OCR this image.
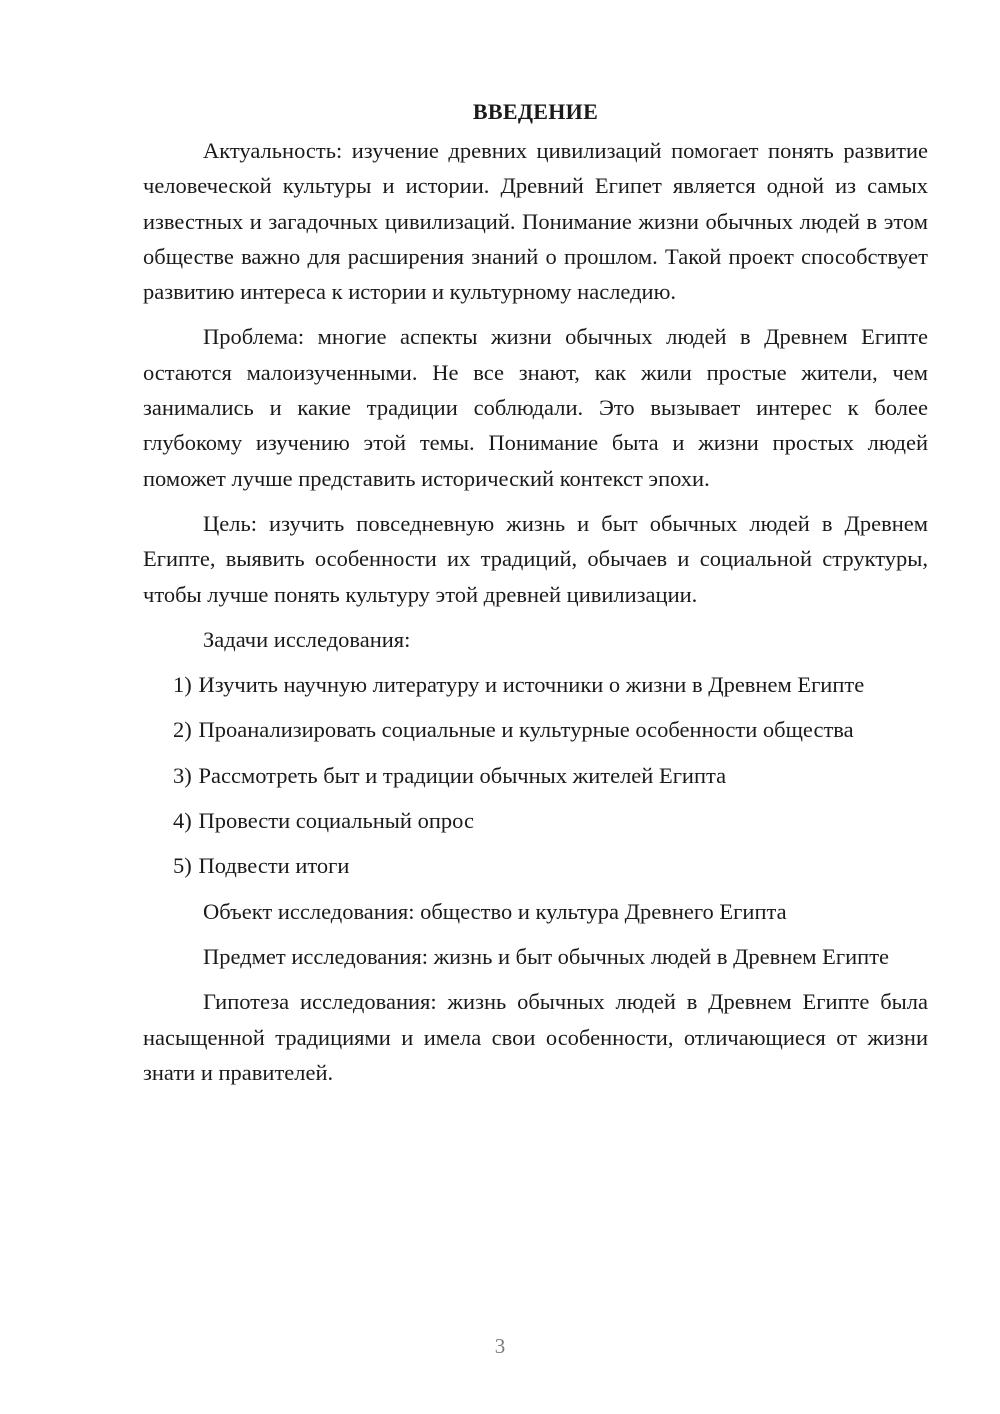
ВВЕДЕНИЕ

Актуальность: изучение древних цивилизаций помогает понять развитие человеческой культуры и истории. Древний Египет является одной из самых известных и загадочных цивилизаций. Понимание жизни обычных людей в этом обществе важно для расширения знаний о прошлом. Такой проект способствует развитию интереса к истории и культурному наследию.

Проблема: многие аспекты жизни обычных людей в Древнем Египте остаются малоизученными. Не все знают, как жили простые жители, чем занимались и какие традиции соблюдали. Это вызывает интерес к более глубокому изучению этой темы. Понимание быта и жизни простых людей поможет лучше представить исторический контекст эпохи.

Цель: изучить повседневную жизнь и быт обычных людей в Древнем Египте, выявить особенности их традиций, обычаев и социальной структуры, чтобы лучше понять культуру этой древней цивилизации.

Задачи исследования:

1) Изучить научную литературу и источники о жизни в Древнем Египте

2) Проанализировать социальные и культурные особенности общества

3) Рассмотреть быт и традиции обычных жителей Египта

4) Провести социальный опрос

5) Подвести итоги

Объект исследования: общество и культура Древнего Египта

Предмет исследования: жизнь и быт обычных людей в Древнем Египте

Гипотеза исследования: жизнь обычных людей в Древнем Египте была насыщенной традициями и имела свои особенности, отличающиеся от жизни знати и правителей.

3
